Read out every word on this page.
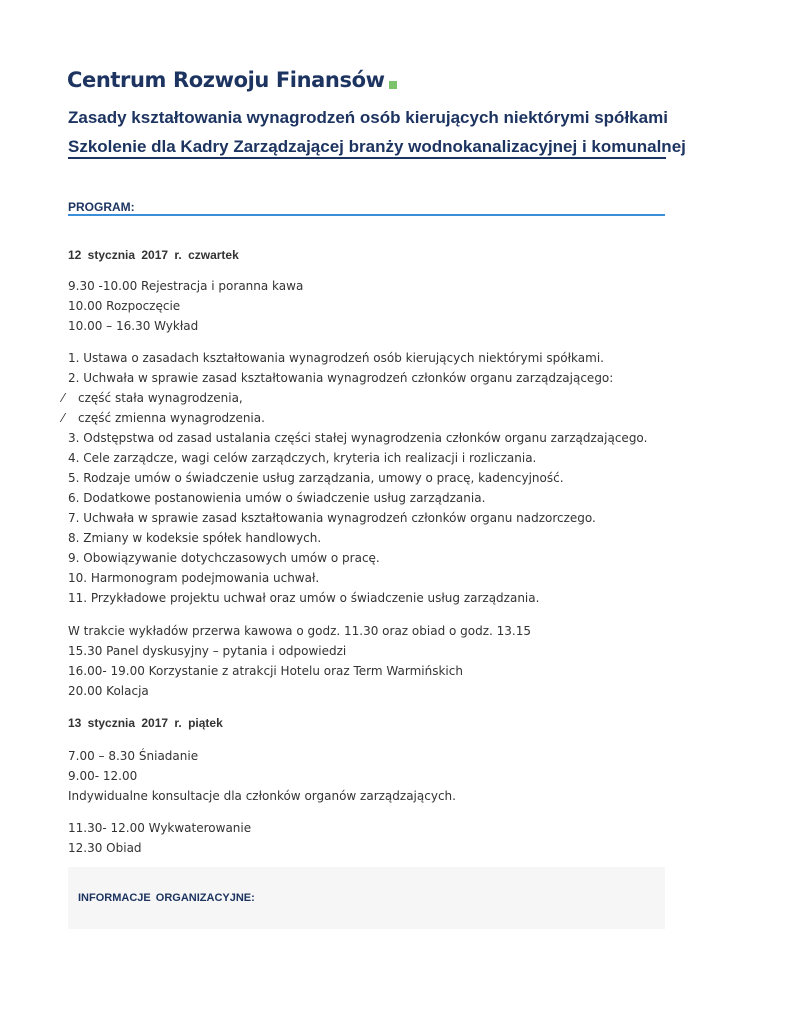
Centrum Rozwoju Finansów
Zasady kształtowania wynagrodzeń osób kierujących niektórymi spółkami
Szkolenie dla Kadry Zarządzającej branży wodnokanalizacyjnej i komunalnej
PROGRAM:
12 stycznia 2017 r. czwartek
9.30 -10.00 Rejestracja i poranna kawa
10.00 Rozpoczęcie
10.00 – 16.30 Wykład
1. Ustawa o zasadach kształtowania wynagrodzeń osób kierujących niektórymi spółkami.
2. Uchwała w sprawie zasad kształtowania wynagrodzeń członków organu zarządzającego:
⁄ część stała wynagrodzenia,
⁄ część zmienna wynagrodzenia.
3. Odstępstwa od zasad ustalania części stałej wynagrodzenia członków organu zarządzającego.
4. Cele zarządcze, wagi celów zarządczych, kryteria ich realizacji i rozliczania.
5. Rodzaje umów o świadczenie usług zarządzania, umowy o pracę, kadencyjność.
6. Dodatkowe postanowienia umów o świadczenie usług zarządzania.
7. Uchwała w sprawie zasad kształtowania wynagrodzeń członków organu nadzorczego.
8. Zmiany w kodeksie spółek handlowych.
9. Obowiązywanie dotychczasowych umów o pracę.
10. Harmonogram podejmowania uchwał.
11. Przykładowe projektu uchwał oraz umów o świadczenie usług zarządzania.
W trakcie wykładów przerwa kawowa o godz. 11.30 oraz obiad o godz. 13.15
15.30 Panel dyskusyjny – pytania i odpowiedzi
16.00- 19.00 Korzystanie z atrakcji Hotelu oraz Term Warmińskich
20.00 Kolacja
13 stycznia 2017 r. piątek
7.00 – 8.30 Śniadanie
9.00- 12.00
Indywidualne konsultacje dla członków organów zarządzających.
11.30- 12.00 Wykwaterowanie
12.30 Obiad
INFORMACJE ORGANIZACYJNE:
